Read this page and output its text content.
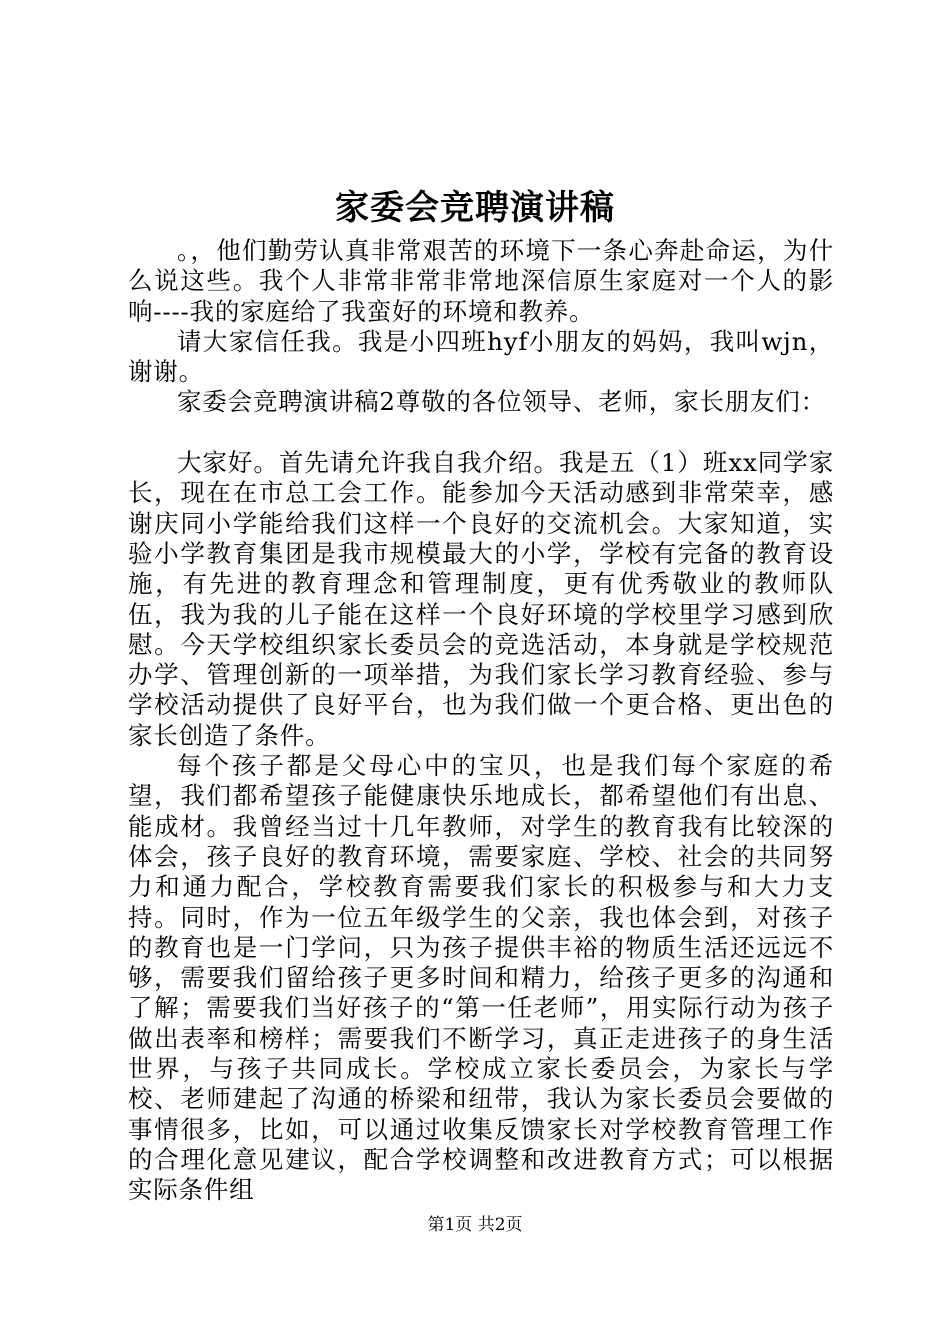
家委会竞聘演讲稿

。，他们勤劳认真非常艰苦的环境下一条心奔赴命运，为什么说这些。我个人非常非常非常地深信原生家庭对一个人的影响----我的家庭给了我蛮好的环境和教养。

请大家信任我。我是小四班hyf小朋友的妈妈，我叫wjn，谢谢。

家委会竞聘演讲稿2尊敬的各位领导、老师，家长朋友们：

大家好。首先请允许我自我介绍。我是五（1）班xx同学家长，现在在市总工会工作。能参加今天活动感到非常荣幸，感谢庆同小学能给我们这样一个良好的交流机会。大家知道，实验小学教育集团是我市规模最大的小学，学校有完备的教育设施，有先进的教育理念和管理制度，更有优秀敬业的教师队伍，我为我的儿子能在这样一个良好环境的学校里学习感到欣慰。今天学校组织家长委员会的竞选活动，本身就是学校规范办学、管理创新的一项举措，为我们家长学习教育经验、参与学校活动提供了良好平台，也为我们做一个更合格、更出色的家长创造了条件。

每个孩子都是父母心中的宝贝，也是我们每个家庭的希望，我们都希望孩子能健康快乐地成长，都希望他们有出息、能成材。我曾经当过十几年教师，对学生的教育我有比较深的体会，孩子良好的教育环境，需要家庭、学校、社会的共同努力和通力配合，学校教育需要我们家长的积极参与和大力支持。同时，作为一位五年级学生的父亲，我也体会到，对孩子的教育也是一门学问，只为孩子提供丰裕的物质生活还远远不够，需要我们留给孩子更多时间和精力，给孩子更多的沟通和了解；需要我们当好孩子的“第一任老师”，用实际行动为孩子做出表率和榜样；需要我们不断学习，真正走进孩子的身生活世界，与孩子共同成长。学校成立家长委员会，为家长与学校、老师建起了沟通的桥梁和纽带，我认为家长委员会要做的事情很多，比如，可以通过收集反馈家长对学校教育管理工作的合理化意见建议，配合学校调整和改进教育方式；可以根据实际条件组

第1页 共2页
